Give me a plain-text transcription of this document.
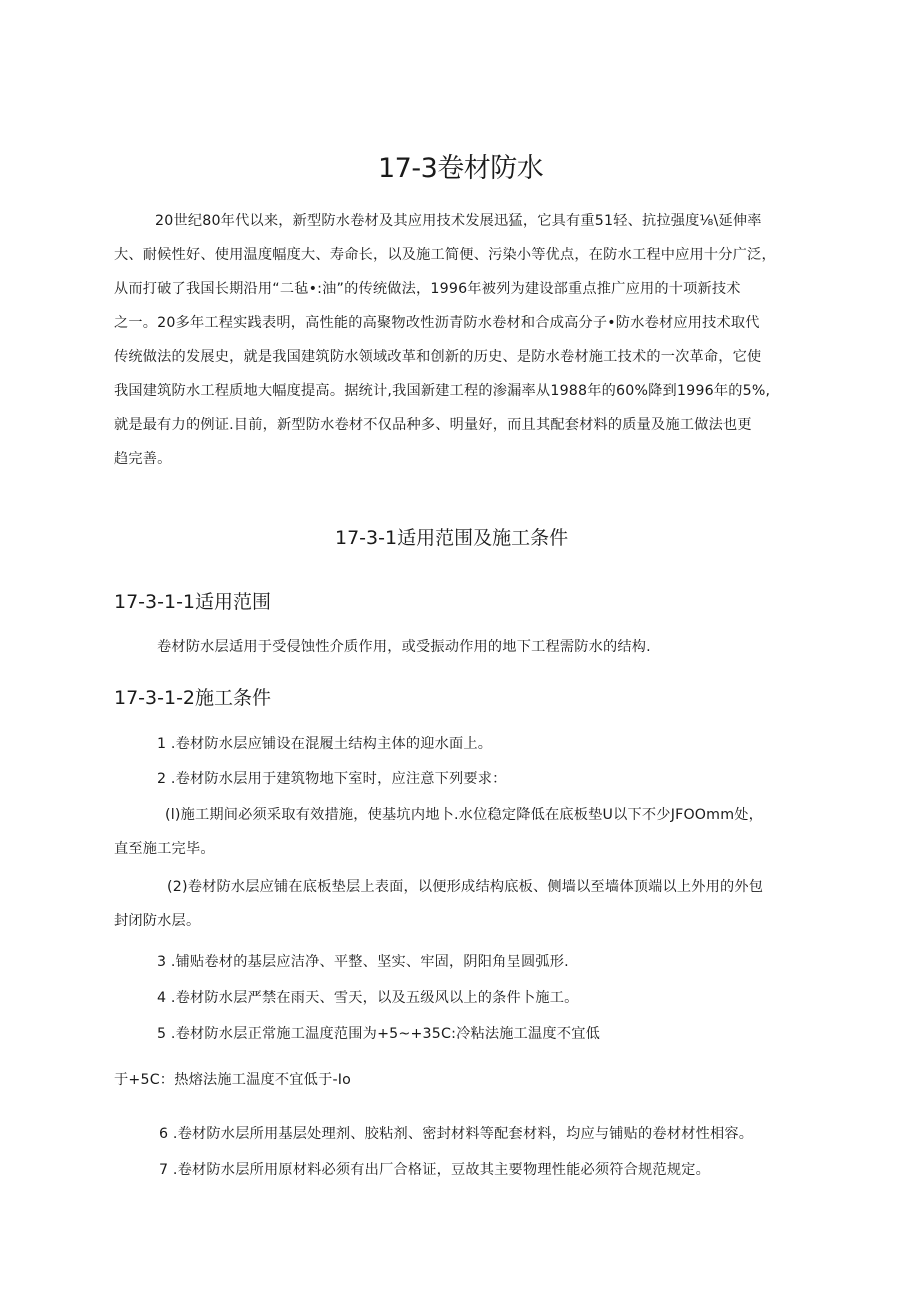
17-3卷材防水
20世纪80年代以来，新型防水卷材及其应用技术发展迅猛，它具有重51轻、抗拉强度⅛\延伸率
大、耐候性好、使用温度幅度大、寿命长，以及施工简便、污染小等优点，在防水工程中应用十分广泛，
从而打破了我国长期沿用“二毡•:油”的传统做法，1996年被列为建设部重点推广应用的十项新技术
之一。20多年工程实践表明，高性能的高聚物改性沥青防水卷材和合成高分子•防水卷材应用技术取代
传统做法的发展史，就是我国建筑防水领域改革和创新的历史、是防水卷材施工技术的一次革命，它使
我国建筑防水工程质地大幅度提高。据统计,我国新建工程的渗漏率从1988年的60%降到1996年的5%,
就是最有力的例证.目前，新型防水卷材不仅品种多、明量好，而且其配套材料的质量及施工做法也更
趋完善。
17-3-1适用范围及施工条件
17-3-1-1适用范围

卷材防水层适用于受侵蚀性介质作用，或受振动作用的地下工程需防水的结构.

17-3-1-2施工条件

1 .卷材防水层应铺设在混履土结构主体的迎水面上。

2 .卷材防水层用于建筑物地下室时，应注意下列要求：

(l)施工期间必须采取有效措施，使基坑内地卜.水位稳定降低在底板垫U以下不少JFOOmm处，
直至施工完毕。
(2)卷材防水层应铺在底板垫层上表面，以便形成结构底板、侧墙以至墙体顶端以上外用的外包
封闭防水层。

3 .铺贴卷材的基层应洁净、平整、坚实、牢固，阴阳角呈圆弧形.

4 .卷材防水层严禁在雨天、雪天，以及五级风以上的条件卜施工。

5 .卷材防水层正常施工温度范围为+5~+35C:冷粘法施工温度不宜低

于+5C：热熔法施工温度不宜低于-Io

6 .卷材防水层所用基层处理剂、胶粘剂、密封材料等配套材料，均应与铺贴的卷材材性相容。

7 .卷材防水层所用原材料必须有出厂合格证，豆故其主要物理性能必须符合规范规定。
